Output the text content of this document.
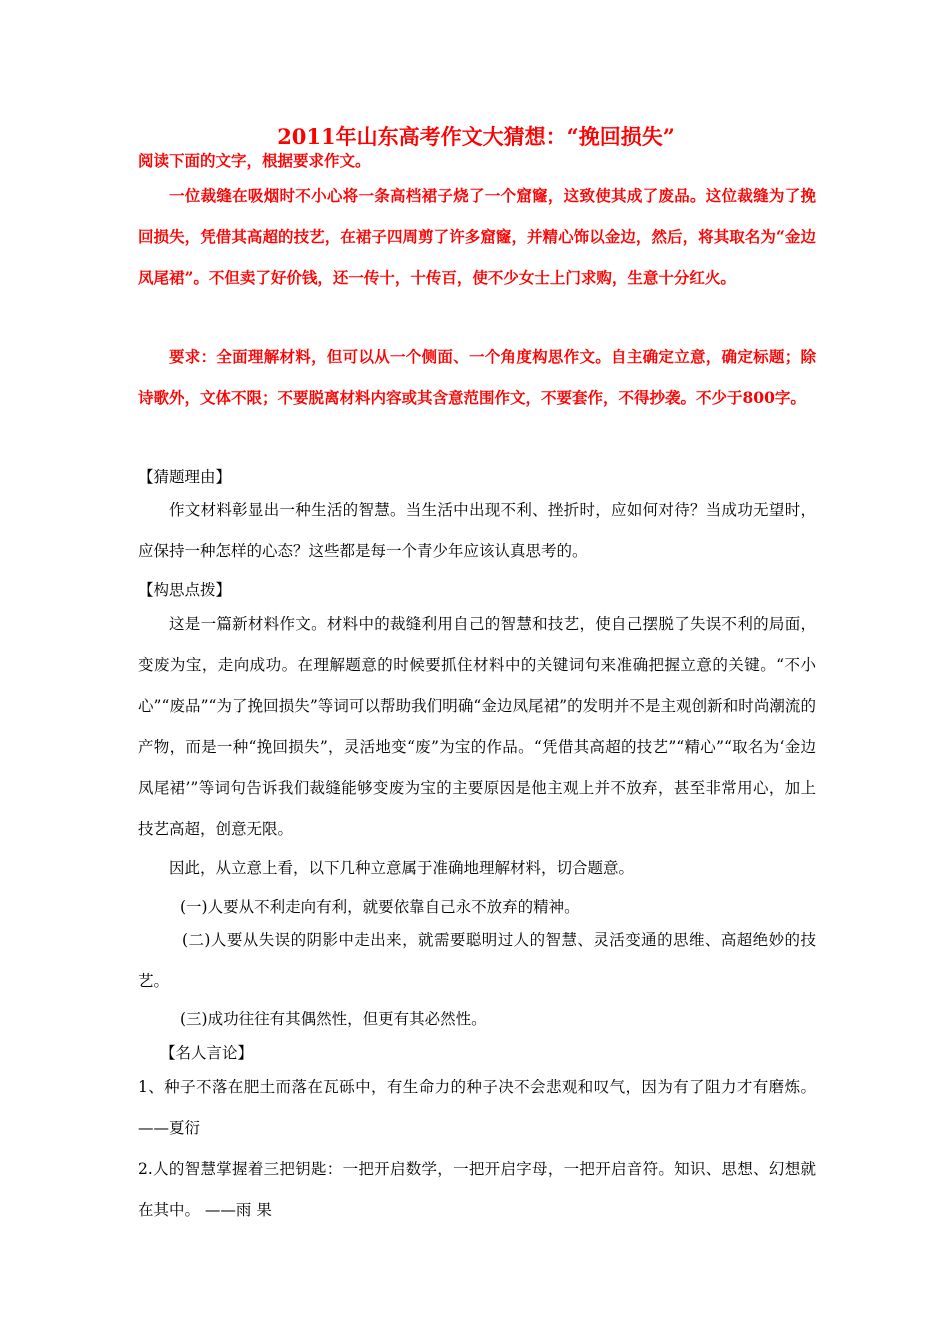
2011年山东高考作文大猜想：“挽回损失”
阅读下面的文字，根据要求作文。
一位裁缝在吸烟时不小心将一条高档裙子烧了一个窟窿，这致使其成了废品。这位裁缝为了挽回损失，凭借其高超的技艺，在裙子四周剪了许多窟窿，并精心饰以金边，然后，将其取名为“金边凤尾裙”。不但卖了好价钱，还一传十，十传百，使不少女士上门求购，生意十分红火。
要求：全面理解材料，但可以从一个侧面、一个角度构思作文。自主确定立意，确定标题；除诗歌外，文体不限；不要脱离材料内容或其含意范围作文，不要套作，不得抄袭。不少于800字。
【猜题理由】
作文材料彰显出一种生活的智慧。当生活中出现不利、挫折时，应如何对待？当成功无望时，应保持一种怎样的心态？这些都是每一个青少年应该认真思考的。
【构思点拨】
这是一篇新材料作文。材料中的裁缝利用自己的智慧和技艺，使自己摆脱了失误不利的局面，变废为宝，走向成功。在理解题意的时候要抓住材料中的关键词句来准确把握立意的关键。“不小心”“废品”“为了挽回损失”等词可以帮助我们明确“金边凤尾裙”的发明并不是主观创新和时尚潮流的产物，而是一种“挽回损失”，灵活地变“废”为宝的作品。“凭借其高超的技艺”“精心”“取名为‘金边凤尾裙’”等词句告诉我们裁缝能够变废为宝的主要原因是他主观上并不放弃，甚至非常用心，加上技艺高超，创意无限。
因此，从立意上看，以下几种立意属于准确地理解材料，切合题意。
(一)人要从不利走向有利，就要依靠自己永不放弃的精神。
(二)人要从失误的阴影中走出来，就需要聪明过人的智慧、灵活变通的思维、高超绝妙的技艺。
(三)成功往往有其偶然性，但更有其必然性。
【名人言论】
1、种子不落在肥土而落在瓦砾中，有生命力的种子决不会悲观和叹气，因为有了阻力才有磨炼。——夏衍
2.人的智慧掌握着三把钥匙：一把开启数学，一把开启字母，一把开启音符。知识、思想、幻想就在其中。 ——雨 果
